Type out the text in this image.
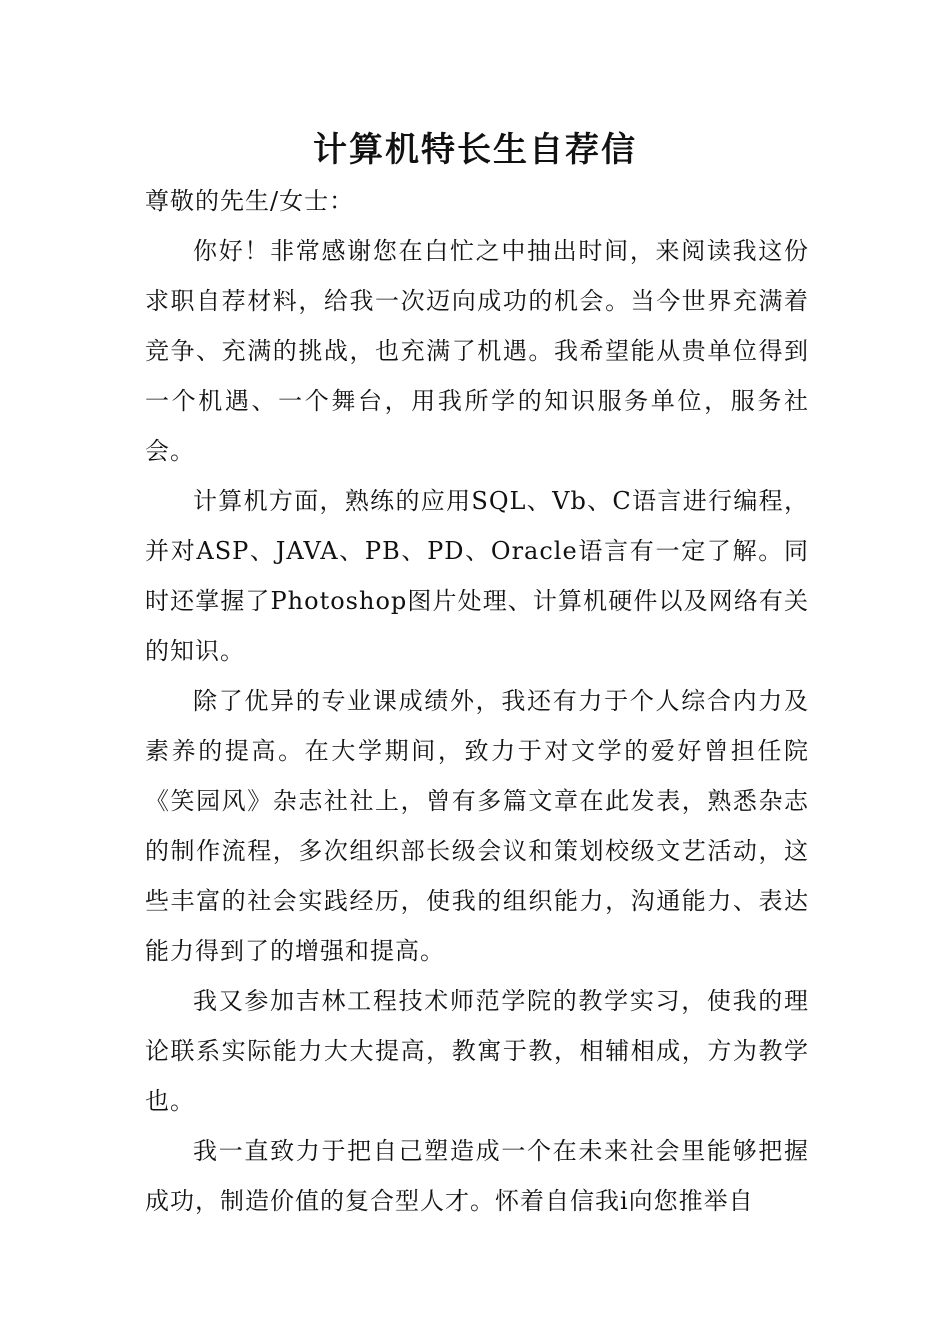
计算机特长生自荐信

尊敬的先生/女士：

你好！非常感谢您在白忙之中抽出时间，来阅读我这份求职自荐材料，给我一次迈向成功的机会。当今世界充满着竞争、充满的挑战，也充满了机遇。我希望能从贵单位得到一个机遇、一个舞台，用我所学的知识服务单位，服务社会。

计算机方面，熟练的应用SQL、Vb、C语言进行编程，并对ASP、JAVA、PB、PD、Oracle语言有一定了解。同时还掌握了Photoshop图片处理、计算机硬件以及网络有关的知识。

除了优异的专业课成绩外，我还有力于个人综合内力及素养的提高。在大学期间，致力于对文学的爱好曾担任院《笑园风》杂志社社上，曾有多篇文章在此发表，熟悉杂志的制作流程，多次组织部长级会议和策划校级文艺活动，这些丰富的社会实践经历，使我的组织能力，沟通能力、表达能力得到了的增强和提高。

我又参加吉林工程技术师范学院的教学实习，使我的理论联系实际能力大大提高，教寓于教，相辅相成，方为教学也。

我一直致力于把自己塑造成一个在未来社会里能够把握成功，制造价值的复合型人才。怀着自信我i向您推举自
